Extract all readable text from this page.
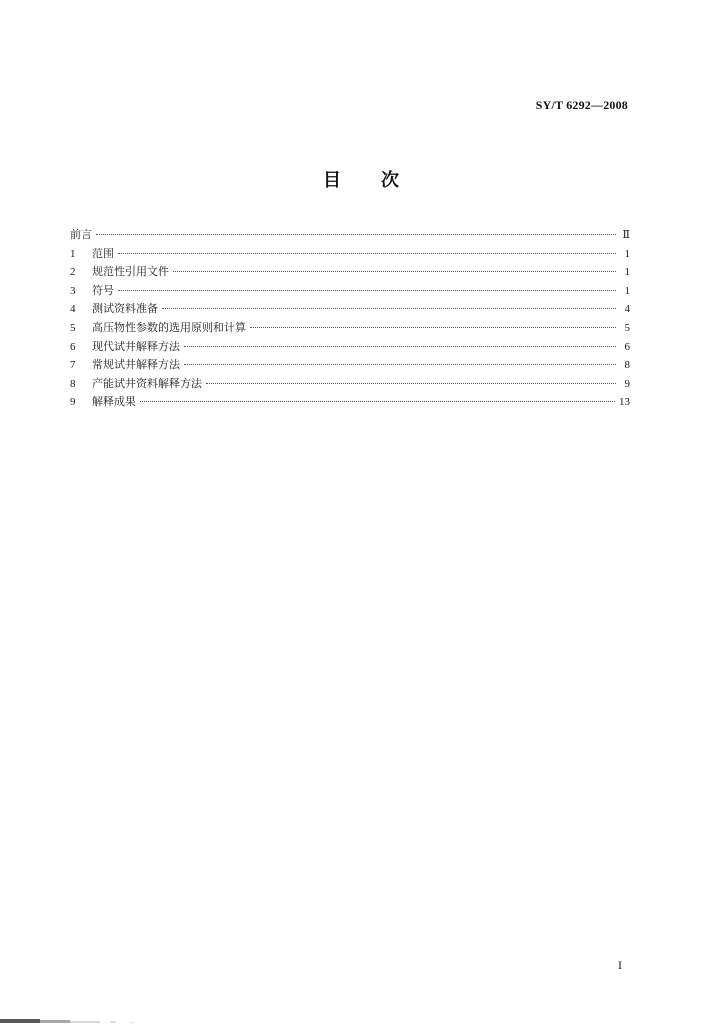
SY/T 6292—2008
目 次
前言	Ⅱ
1	范围	1
2	规范性引用文件	1
3	符号	1
4	测试资料准备	4
5	高压物性参数的选用原则和计算	5
6	现代试井解释方法	6
7	常规试井解释方法	8
8	产能试井资料解释方法	9
9	解释成果	13
I
